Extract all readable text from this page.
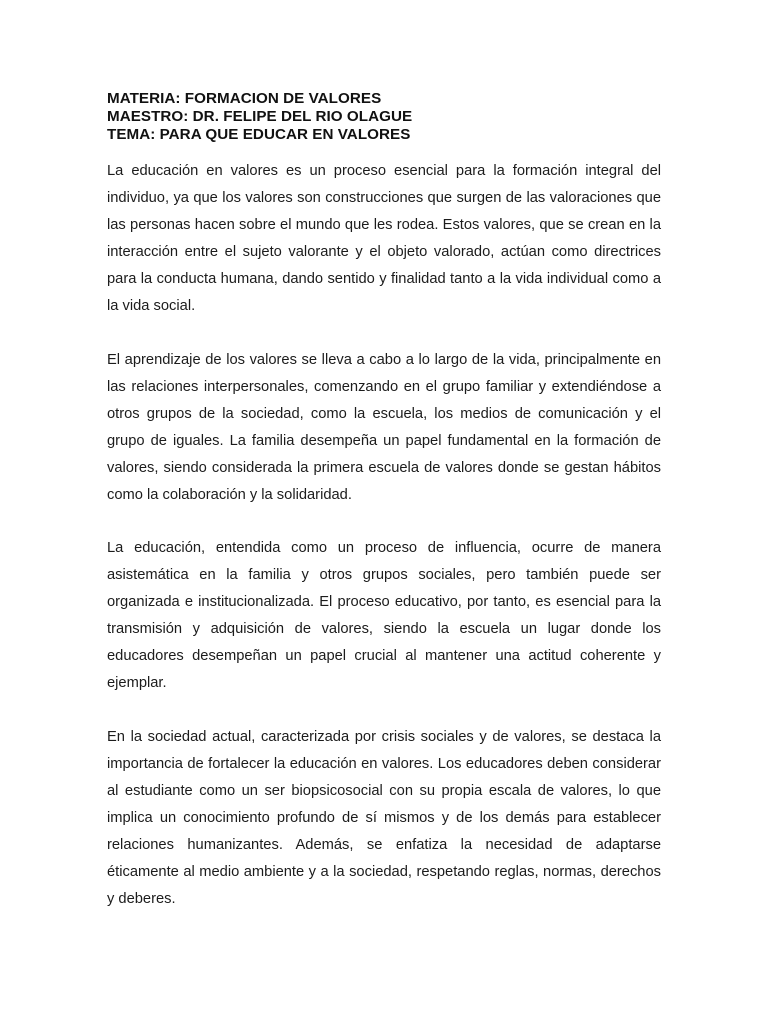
MATERIA: FORMACION DE VALORES
MAESTRO: DR. FELIPE DEL RIO OLAGUE
TEMA: PARA QUE EDUCAR EN VALORES

La educación en valores es un proceso esencial para la formación integral del individuo, ya que los valores son construcciones que surgen de las valoraciones que las personas hacen sobre el mundo que les rodea. Estos valores, que se crean en la interacción entre el sujeto valorante y el objeto valorado, actúan como directrices para la conducta humana, dando sentido y finalidad tanto a la vida individual como a la vida social.

El aprendizaje de los valores se lleva a cabo a lo largo de la vida, principalmente en las relaciones interpersonales, comenzando en el grupo familiar y extendiéndose a otros grupos de la sociedad, como la escuela, los medios de comunicación y el grupo de iguales. La familia desempeña un papel fundamental en la formación de valores, siendo considerada la primera escuela de valores donde se gestan hábitos como la colaboración y la solidaridad.

La educación, entendida como un proceso de influencia, ocurre de manera asistemática en la familia y otros grupos sociales, pero también puede ser organizada e institucionalizada. El proceso educativo, por tanto, es esencial para la transmisión y adquisición de valores, siendo la escuela un lugar donde los educadores desempeñan un papel crucial al mantener una actitud coherente y ejemplar.

En la sociedad actual, caracterizada por crisis sociales y de valores, se destaca la importancia de fortalecer la educación en valores. Los educadores deben considerar al estudiante como un ser biopsicosocial con su propia escala de valores, lo que implica un conocimiento profundo de sí mismos y de los demás para establecer relaciones humanizantes. Además, se enfatiza la necesidad de adaptarse éticamente al medio ambiente y a la sociedad, respetando reglas, normas, derechos y deberes.
